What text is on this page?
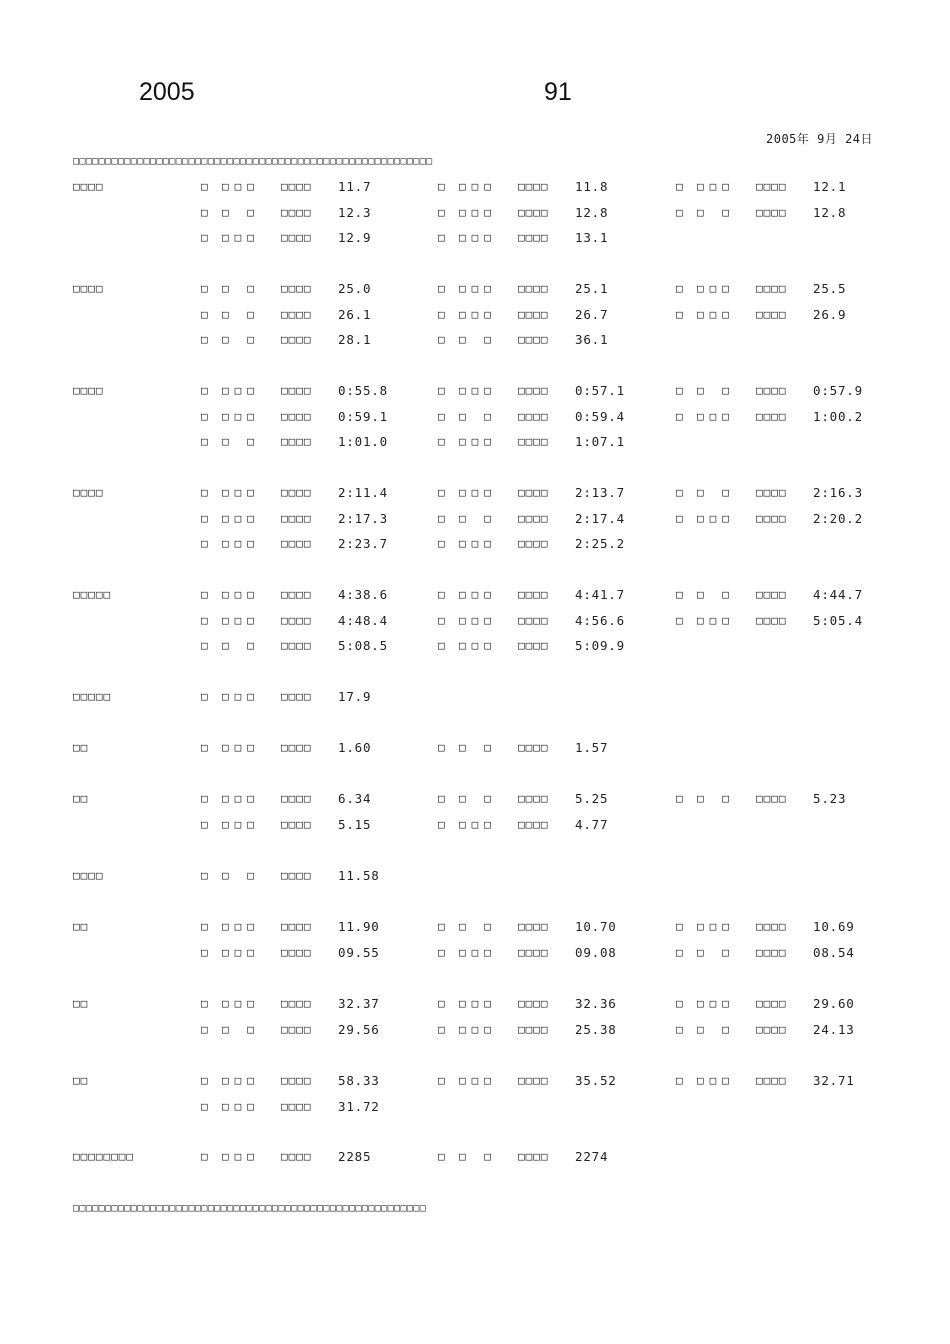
2005	91
2005年 9月 24日
□□□□□□□□□□□□□□□□□□□□□□□□□□□□□□□□□□□□□□□□□□□□□□□□□□□□□□□□
□□□□	□ □□□ □□□□ 11.7	□ □□□ □□□□ 11.8	□ □□□ □□□□ 12.1
□ □ □ □□□□ 12.3	□ □□□ □□□□ 12.8	□ □ □ □□□□ 12.8
□ □□□ □□□□ 12.9	□ □□□ □□□□ 13.1
□□□□	□ □ □ □□□□ 25.0	□ □□□ □□□□ 25.1	□ □□□ □□□□ 25.5
□ □ □ □□□□ 26.1	□ □□□ □□□□ 26.7	□ □□□ □□□□ 26.9
□ □ □ □□□□ 28.1	□ □ □ □□□□ 36.1
□□□□	□ □□□ □□□□ 0:55.8	□ □□□ □□□□ 0:57.1	□ □ □ □□□□ 0:57.9
□ □□□ □□□□ 0:59.1	□ □ □ □□□□ 0:59.4	□ □□□ □□□□ 1:00.2
□ □ □ □□□□ 1:01.0	□ □□□ □□□□ 1:07.1
□□□□	□ □□□ □□□□ 2:11.4	□ □□□ □□□□ 2:13.7	□ □ □ □□□□ 2:16.3
□ □□□ □□□□ 2:17.3	□ □ □ □□□□ 2:17.4	□ □□□ □□□□ 2:20.2
□ □□□ □□□□ 2:23.7	□ □□□ □□□□ 2:25.2
□□□□□	□ □□□ □□□□ 4:38.6	□ □□□ □□□□ 4:41.7	□ □ □ □□□□ 4:44.7
□ □□□ □□□□ 4:48.4	□ □□□ □□□□ 4:56.6	□ □□□ □□□□ 5:05.4
□ □ □ □□□□ 5:08.5	□ □□□ □□□□ 5:09.9
□□□□□	□ □□□ □□□□ 17.9
□□	□ □□□ □□□□ 1.60	□ □ □ □□□□ 1.57
□□	□ □□□ □□□□ 6.34	□ □ □ □□□□ 5.25	□ □ □ □□□□ 5.23
□ □□□ □□□□ 5.15	□ □□□ □□□□ 4.77
□□□□	□ □ □ □□□□ 11.58
□□	□ □□□ □□□□ 11.90	□ □ □ □□□□ 10.70	□ □□□ □□□□ 10.69
□ □□□ □□□□ 09.55	□ □□□ □□□□ 09.08	□ □ □ □□□□ 08.54
□□	□ □□□ □□□□ 32.37	□ □□□ □□□□ 32.36	□ □□□ □□□□ 29.60
□ □ □ □□□□ 29.56	□ □□□ □□□□ 25.38	□ □ □ □□□□ 24.13
□□	□ □□□ □□□□ 58.33	□ □□□ □□□□ 35.52	□ □□□ □□□□ 32.71
□ □□□ □□□□ 31.72
□□□□□□□□	□ □□□ □□□□ 2285	□ □ □ □□□□ 2274
□□□□□□□□□□□□□□□□□□□□□□□□□□□□□□□□□□□□□□□□□□□□□□□□□□□□□□□
